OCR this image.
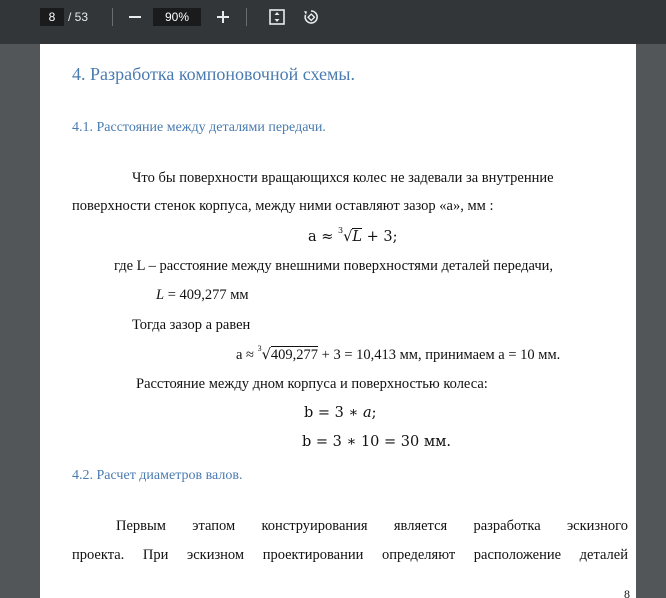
8	/ 53	90%
4. Разработка компоновочной схемы.
4.1. Расстояние между деталями передачи.
Что бы поверхности вращающихся колес не задевали за внутренние
поверхности стенок корпуса, между ними оставляют зазор «а», мм :
a ≈ $^3$√L + 3;
где L – расстояние между внешними поверхностями деталей передачи,
L = 409,277 мм
Тогда зазор а равен
a ≈ $^3$√409,277 + 3 = 10,413 мм, принимаем а = 10 мм.
Расстояние между дном корпуса и поверхностью колеса:
b = 3 ∗ a;
b = 3 ∗ 10 = 30 мм.
4.2. Расчет диаметров валов.
Первым этапом конструирования является разработка эскизного
проекта. При эскизном проектировании определяют расположение деталей
8
